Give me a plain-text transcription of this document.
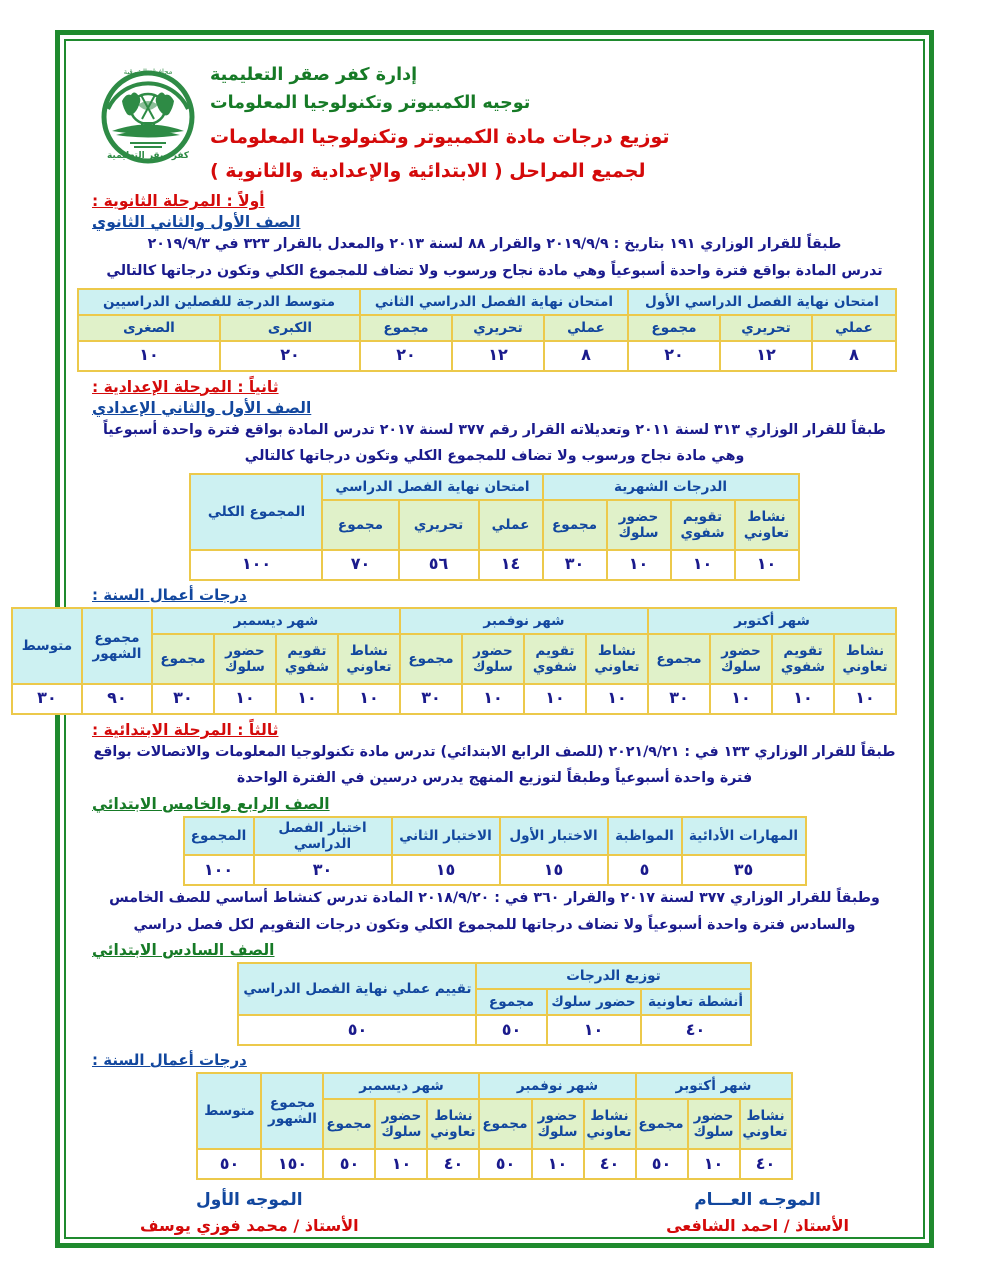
محافظة الشرقية
كفر صقر التعليمية
إدارة كفر صقر التعليمية
توجيه الكمبيوتر وتكنولوجيا المعلومات
توزيع درجات مادة الكمبيوتر وتكنولوجيا المعلومات
لجميع المراحل ( الابتدائية والإعدادية والثانوية )
أولاً : المرحلة الثانوية :
الصف الأول والثاني الثانوي
طبقاً للقرار الوزاري ١٩١ بتاريخ : ٢٠١٩/٩/٩ والقرار ٨٨ لسنة ٢٠١٣ والمعدل بالقرار ٣٢٣ في ٢٠١٩/٩/٣
تدرس المادة بواقع فترة واحدة أسبوعياً وهي مادة نجاح ورسوب ولا تضاف للمجموع الكلي وتكون درجاتها كالتالي
امتحان نهاية الفصل الدراسي الأول			امتحان نهاية الفصل الدراسي الثاني			متوسط الدرجة للفصلين الدراسيين	
عملي	تحريري	مجموع	عملي	تحريري	مجموع	الكبرى	الصغرى
٨	١٢	٢٠	٨	١٢	٢٠	٢٠	١٠
ثانياً : المرحلة الإعدادية :
الصف الأول والثاني الإعدادي
طبقاً للقرار الوزاري ٣١٣ لسنة ٢٠١١ وتعديلاته القرار رقم ٣٧٧ لسنة ٢٠١٧ تدرس المادة بواقع فترة واحدة أسبوعياً
وهي مادة نجاح ورسوب ولا تضاف للمجموع الكلي وتكون درجاتها كالتالي
الدرجات الشهرية				امتحان نهاية الفصل الدراسي			المجموع الكلي
نشاط تعاوني	تقويم شفوي	حضور سلوك	مجموع	عملي	تحريري	مجموع	
١٠	١٠	١٠	٣٠	١٤	٥٦	٧٠	١٠٠
درجات أعمال السنة :
شهر أكتوبر				شهر نوفمبر				شهر ديسمبر				مجموع الشهور	متوسط
نشاط تعاوني	تقويم شفوي	حضور سلوك	مجموع	نشاط تعاوني	تقويم شفوي	حضور سلوك	مجموع	نشاط تعاوني	تقويم شفوي	حضور سلوك	مجموع		
١٠	١٠	١٠	٣٠	١٠	١٠	١٠	٣٠	١٠	١٠	١٠	٣٠	٩٠	٣٠
ثالثاً : المرحلة الابتدائية :
طبقاً للقرار الوزاري ١٣٣ في : ٢٠٢١/٩/٢١ (للصف الرابع الابتدائي) تدرس مادة تكنولوجيا المعلومات والاتصالات بواقع
فترة واحدة أسبوعياً وطبقاً لتوزيع المنهج يدرس درسين في الفترة الواحدة
الصف الرابع والخامس الابتدائي
المهارات الأدائية	المواظبة	الاختبار الأول	الاختبار الثاني	اختبار الفصل الدراسي	المجموع
٣٥	٥	١٥	١٥	٣٠	١٠٠
وطبقاً للقرار الوزاري ٣٧٧ لسنة ٢٠١٧ والقرار ٣٦٠ في : ٢٠١٨/٩/٢٠ المادة تدرس كنشاط أساسي للصف الخامس
والسادس فترة واحدة أسبوعياً ولا تضاف درجاتها للمجموع الكلي وتكون درجات التقويم لكل فصل دراسي
الصف السادس الابتدائي
توزيع الدرجات			تقييم عملي نهاية الفصل الدراسي
أنشطة تعاونية	حضور سلوك	مجموع	
٤٠	١٠	٥٠	٥٠
درجات أعمال السنة :
شهر أكتوبر			شهر نوفمبر			شهر ديسمبر			مجموع الشهور	متوسط
نشاط تعاوني	حضور سلوك	مجموع	نشاط تعاوني	حضور سلوك	مجموع	نشاط تعاوني	حضور سلوك	مجموع		
٤٠	١٠	٥٠	٤٠	١٠	٥٠	٤٠	١٠	٥٠	١٥٠	٥٠
الموجه الأول
الأستاذ / محمد فوزي يوسف
الموجـه العـــام
الأستاذ / احمد الشافعى
